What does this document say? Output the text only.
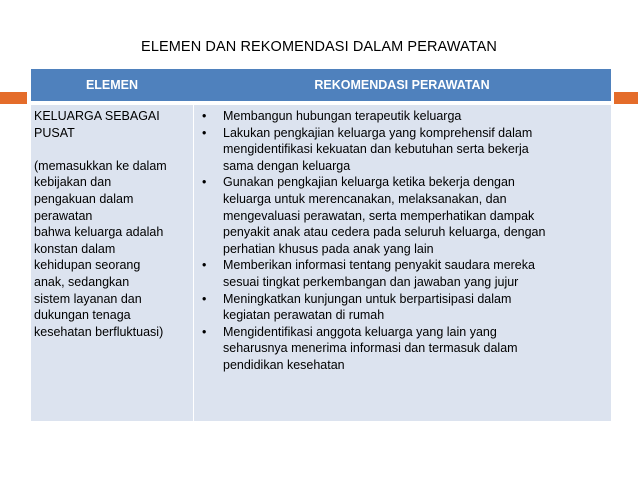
ELEMEN DAN REKOMENDASI DALAM PERAWATAN
ELEMEN	REKOMENDASI PERAWATAN
KELUARGA SEBAGAI
PUSAT
(memasukkan ke dalam
kebijakan dan
pengakuan dalam
perawatan
bahwa keluarga adalah
konstan dalam
kehidupan seorang
anak, sedangkan
sistem layanan dan
dukungan tenaga
kesehatan berfluktuasi)
• Membangun hubungan terapeutik keluarga
• Lakukan pengkajian keluarga yang komprehensif dalam
mengidentifikasi kekuatan dan kebutuhan serta bekerja
sama dengan keluarga
• Gunakan pengkajian keluarga ketika bekerja dengan
keluarga untuk merencanakan, melaksanakan, dan
mengevaluasi perawatan, serta memperhatikan dampak
penyakit anak atau cedera pada seluruh keluarga, dengan
perhatian khusus pada anak yang lain
• Memberikan informasi tentang penyakit saudara mereka
sesuai tingkat perkembangan dan jawaban yang jujur
• Meningkatkan kunjungan untuk berpartisipasi dalam
kegiatan perawatan di rumah
• Mengidentifikasi anggota keluarga yang lain yang
seharusnya menerima informasi dan termasuk dalam
pendidikan kesehatan
